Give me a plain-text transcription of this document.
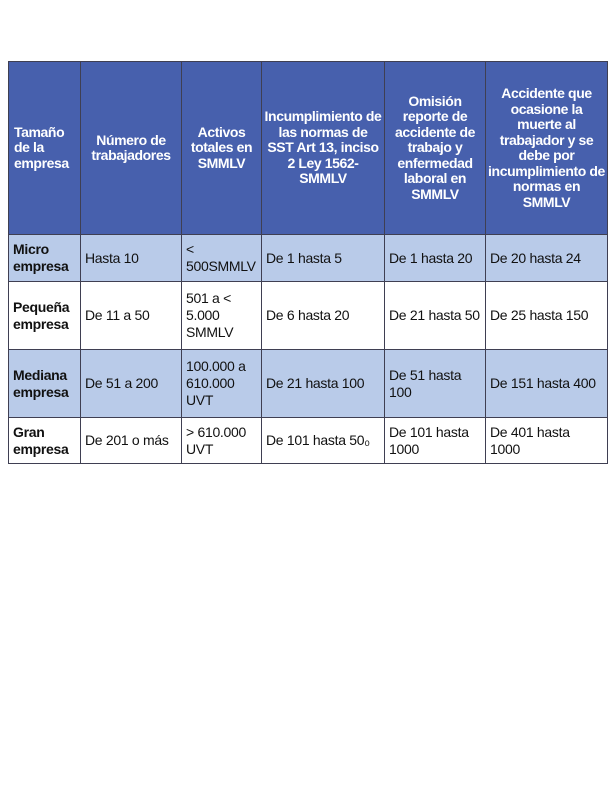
Tamaño de la empresa	Número de trabajadores	Activos totales en SMMLV	Incumplimiento de las normas de SST Art 13, inciso 2 Ley 1562- SMMLV	Omisión reporte de accidente de trabajo y enfermedad laboral en SMMLV	Accidente que ocasione la muerte al trabajador y se debe por incumplimiento de normas en SMMLV
Micro empresa	Hasta 10	< 500SMMLV	De 1 hasta 5	De 1 hasta 20	De 20 hasta 24
Pequeña empresa	De 11 a 50	501 a < 5.000 SMMLV	De 6 hasta 20	De 21 hasta 50	De 25 hasta 150
Mediana empresa	De 51 a 200	100.000 a 610.000 UVT	De 21 hasta 100	De 51 hasta 100	De 151 hasta 400
Gran empresa	De 201 o más	> 610.000 UVT	De 101 hasta 50₀	De 101 hasta 1000	De 401 hasta 1000
